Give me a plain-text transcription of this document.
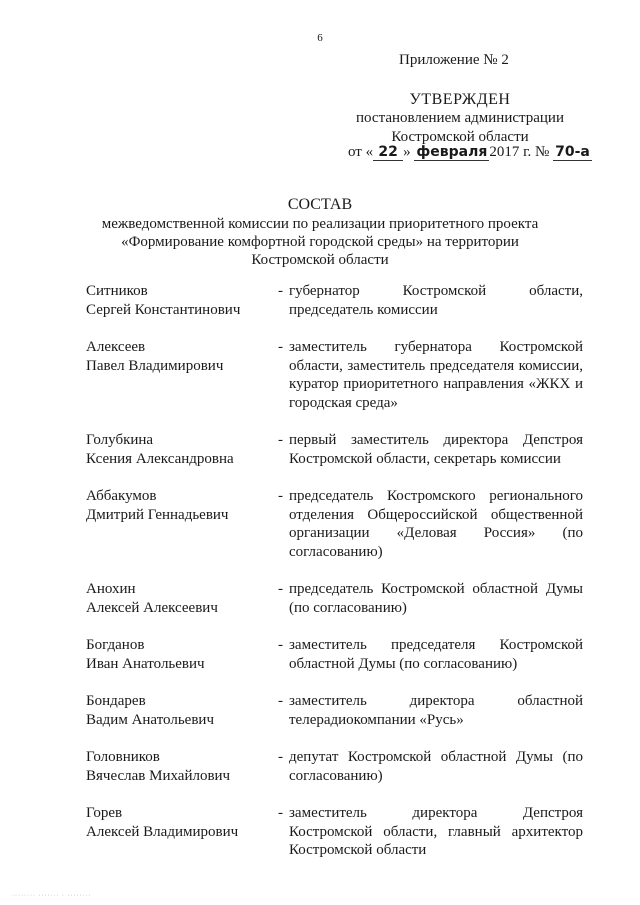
6
Приложение № 2
УТВЕРЖДЕН
постановлением администрации
Костромской области
от « 22 » февраля 2017 г. № 70-а
СОСТАВ
межведомственной комиссии по реализации приоритетного проекта
«Формирование комфортной городской среды» на территории
Костромской области
Ситников
Сергей Константинович
- губернатор Костромской области, председатель комиссии
Алексеев
Павел Владимирович
- заместитель губернатора Костромской области, заместитель председателя комиссии, куратор приоритетного направления «ЖКХ и городская среда»
Голубкина
Ксения Александровна
- первый заместитель директора Депстроя Костромской области, секретарь комиссии
Аббакумов
Дмитрий Геннадьевич
- председатель Костромского регионального отделения Общероссийской общественной организации «Деловая Россия» (по согласованию)
Анохин
Алексей Алексеевич
- председатель Костромской областной Думы (по согласованию)
Богданов
Иван Анатольевич
- заместитель председателя Костромской областной Думы (по согласованию)
Бондарев
Вадим Анатольевич
- заместитель директора областной телерадиокомпании «Русь»
Головников
Вячеслав Михайлович
- депутат Костромской областной Думы (по согласованию)
Горев
Алексей Владимирович
- заместитель директора Депстроя Костромской области, главный архитектор Костромской области
········ ······· · ········
